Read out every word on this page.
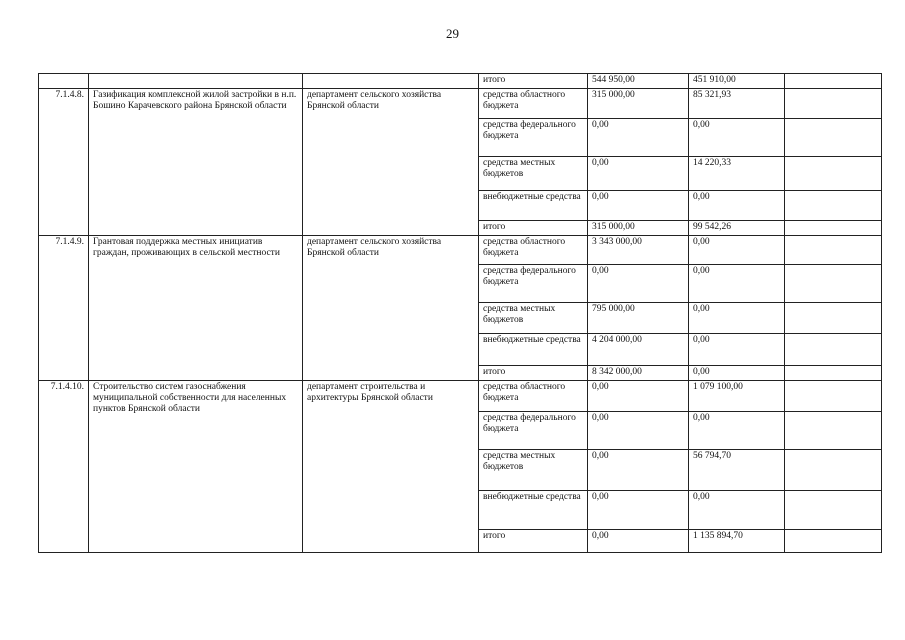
29
			итого	544 950,00	451 910,00	
7.1.4.8.	Газификация комплексной жилой застройки в н.п. Бошино Карачевского района Брянской области	департамент сельского хозяйства Брянской области	средства областного бюджета	315 000,00	85 321,93	
			средства федерального бюджета	0,00	0,00	
			средства местных бюджетов	0,00	14 220,33	
			внебюджетные средства	0,00	0,00	
			итого	315 000,00	99 542,26	
7.1.4.9.	Грантовая поддержка местных инициатив граждан, проживающих в сельской местности	департамент сельского хозяйства Брянской области	средства областного бюджета	3 343 000,00	0,00	
			средства федерального бюджета	0,00	0,00	
			средства местных бюджетов	795 000,00	0,00	
			внебюджетные средства	4 204 000,00	0,00	
			итого	8 342 000,00	0,00	
7.1.4.10.	Строительство систем газоснабжения муниципальной собственности для населенных пунктов Брянской области	департамент строительства и архитектуры Брянской области	средства областного бюджета	0,00	1 079 100,00	
			средства федерального бюджета	0,00	0,00	
			средства местных бюджетов	0,00	56 794,70	
			внебюджетные средства	0,00	0,00	
			итого	0,00	1 135 894,70	
